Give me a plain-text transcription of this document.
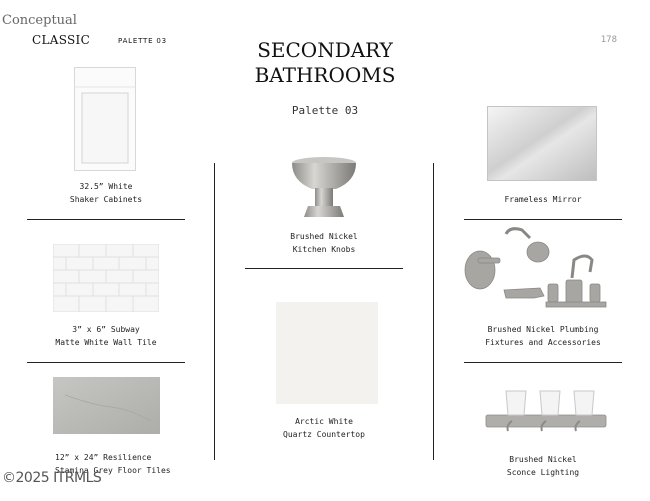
Conceptual
CLASSIC	PALETTE 03	178
SECONDARY
BATHROOMS
Palette 03
32.5” White
Shaker Cabinets
3” x 6” Subway
Matte White Wall Tile
12” x 24” Resilience
Stamina Grey Floor Tiles
Brushed Nickel
Kitchen Knobs
Arctic White
Quartz Countertop
Frameless Mirror
Brushed Nickel Plumbing
Fixtures and Accessories
Brushed Nickel
Sconce Lighting
©2025 ITRMLS
